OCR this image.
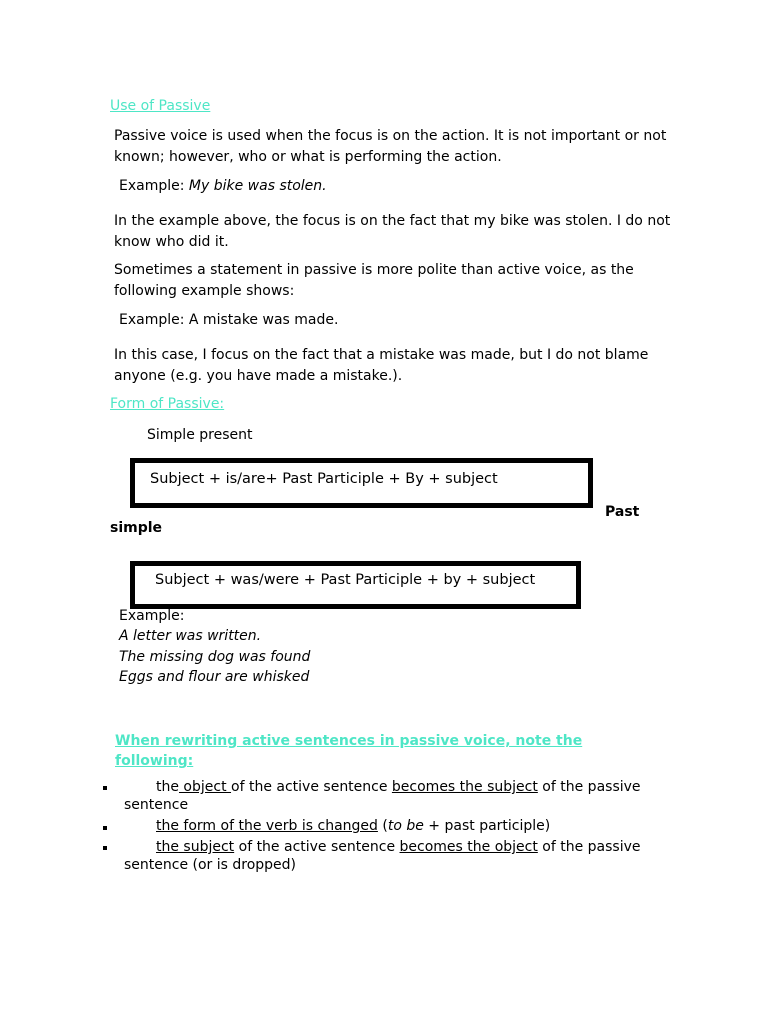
Use of Passive
Passive voice is used when the focus is on the action. It is not important or not known; however, who or what is performing the action.
Example: My bike was stolen.
In the example above, the focus is on the fact that my bike was stolen. I do not know who did it.
Sometimes a statement in passive is more polite than active voice, as the following example shows:
Example: A mistake was made.
In this case, I focus on the fact that a mistake was made, but I do not blame anyone (e.g. you have made a mistake.).
Form of Passive:
Simple present
Subject + is/are+ Past Participle + By + subject
Past
simple
Subject + was/were + Past Participle + by + subject
Example:
A letter was written.
The missing dog was found
Eggs and flour are whisked
When rewriting active sentences in passive voice, note the
following:
the object of the active sentence becomes the subject of the passive
sentence
the form of the verb is changed (to be + past participle)
the subject of the active sentence becomes the object of the passive
sentence (or is dropped)
